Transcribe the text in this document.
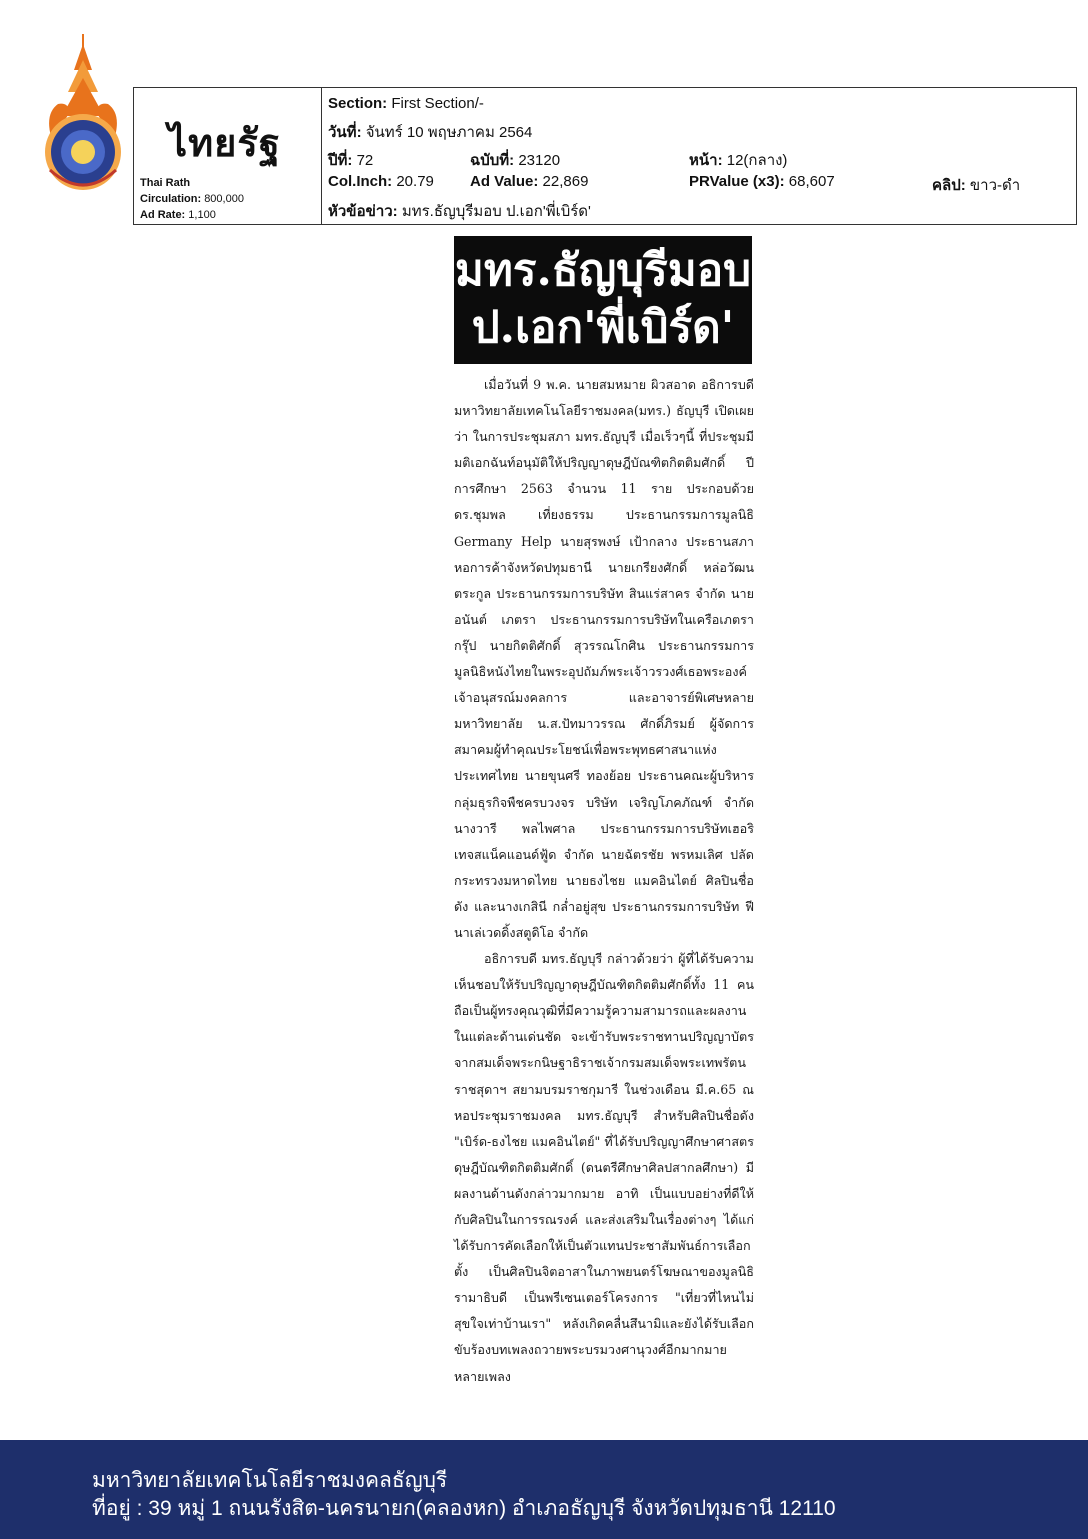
ไทยรัฐ
Thai Rath
Circulation: 800,000
Ad Rate: 1,100
Section: First Section/-
วันที่: จันทร์ 10 พฤษภาคม 2564
ปีที่: 72	ฉบับที่: 23120	หน้า: 12(กลาง)
Col.Inch: 20.79 Ad Value: 22,869	PRValue (x3): 68,607	คลิป: ขาว-ดำ
หัวข้อข่าว: มทร.ธัญบุรีมอบ ป.เอก'พี่เบิร์ด'
มทร.ธัญบุรีมอบ
ป.เอก'พี่เบิร์ด'

เมื่อวันที่ 9 พ.ค. นายสมหมาย ผิวสอาด อธิการบดีมหาวิทยาลัยเทคโนโลยีราชมงคล(มทร.) ธัญบุรี เปิดเผยว่า ในการประชุมสภา มทร.ธัญบุรี เมื่อเร็วๆนี้ ที่ประชุมมีมติเอกฉันท์อนุมัติให้ปริญญาดุษฎีบัณฑิตกิตติมศักดิ์ ปีการศึกษา 2563 จำนวน 11 ราย ประกอบด้วย ดร.ชุมพล เที่ยงธรรม ประธานกรรมการมูลนิธิ Germany Help นายสุรพงษ์ เป้ากลาง ประธานสภาหอการค้าจังหวัดปทุมธานี นายเกรียงศักดิ์ หล่อวัฒนตระกูล ประธานกรรมการบริษัท สินแร่สาคร จำกัด นายอนันต์ เภตรา ประธานกรรมการบริษัทในเครือเภตรากรุ๊ป นายกิตติศักดิ์ สุวรรณโกศิน ประธานกรรมการมูลนิธิหนังไทยในพระอุปถัมภ์พระเจ้าวรวงศ์เธอพระองค์เจ้าอนุสรณ์มงคลการ และอาจารย์พิเศษหลายมหาวิทยาลัย น.ส.ปัทมาวรรณ ศักดิ์ภิรมย์ ผู้จัดการสมาคมผู้ทำคุณประโยชน์เพื่อพระพุทธศาสนาแห่งประเทศไทย นายขุนศรี ทองย้อย ประธานคณะผู้บริหารกลุ่มธุรกิจพืชครบวงจร บริษัท เจริญโภคภัณฑ์ จำกัด นางวารี พลไพศาล ประธานกรรมการบริษัทเฮอริเทจสแน็คแอนด์ฟู้ด จำกัด นายฉัตรชัย พรหมเลิศ ปลัดกระทรวงมหาดไทย นายธงไชย แมคอินไตย์ ศิลปินชื่อดัง และนางเกสินี กล่ำอยู่สุข ประธานกรรมการบริษัท ฟีนาเล่เวดดิ้งสตูดิโอ จำกัด

อธิการบดี มทร.ธัญบุรี กล่าวด้วยว่า ผู้ที่ได้รับความเห็นชอบให้รับปริญญาดุษฎีบัณฑิตกิตติมศักดิ์ทั้ง 11 คนถือเป็นผู้ทรงคุณวุฒิที่มีความรู้ความสามารถและผลงานในแต่ละด้านเด่นชัด จะเข้ารับพระราชทานปริญญาบัตรจากสมเด็จพระกนิษฐาธิราชเจ้ากรมสมเด็จพระเทพรัตนราชสุดาฯ สยามบรมราชกุมารี ในช่วงเดือน มี.ค.65 ณ หอประชุมราชมงคล มทร.ธัญบุรี สำหรับศิลปินชื่อดัง "เบิร์ด-ธงไชย แมคอินไตย์" ที่ได้รับปริญญาศึกษาศาสตรดุษฎีบัณฑิตกิตติมศักดิ์ (ดนตรีศึกษาศิลปสากลศึกษา) มีผลงานด้านดังกล่าวมากมาย อาทิ เป็นแบบอย่างที่ดีให้กับศิลปินในการรณรงค์ และส่งเสริมในเรื่องต่างๆ ได้แก่ ได้รับการคัดเลือกให้เป็นตัวแทนประชาสัมพันธ์การเลือกตั้ง เป็นศิลปินจิตอาสาในภาพยนตร์โฆษณาของมูลนิธิรามาธิบดี เป็นพรีเซนเตอร์โครงการ "เที่ยวที่ไหนไม่สุขใจเท่าบ้านเรา" หลังเกิดคลื่นสึนามิและยังได้รับเลือกขับร้องบทเพลงถวายพระบรมวงศานุวงศ์อีกมากมายหลายเพลง

มหาวิทยาลัยเทคโนโลยีราชมงคลธัญบุรี
ที่อยู่ : 39 หมู่ 1 ถนนรังสิต-นครนายก(คลองหก) อำเภอธัญบุรี จังหวัดปทุมธานี 12110
